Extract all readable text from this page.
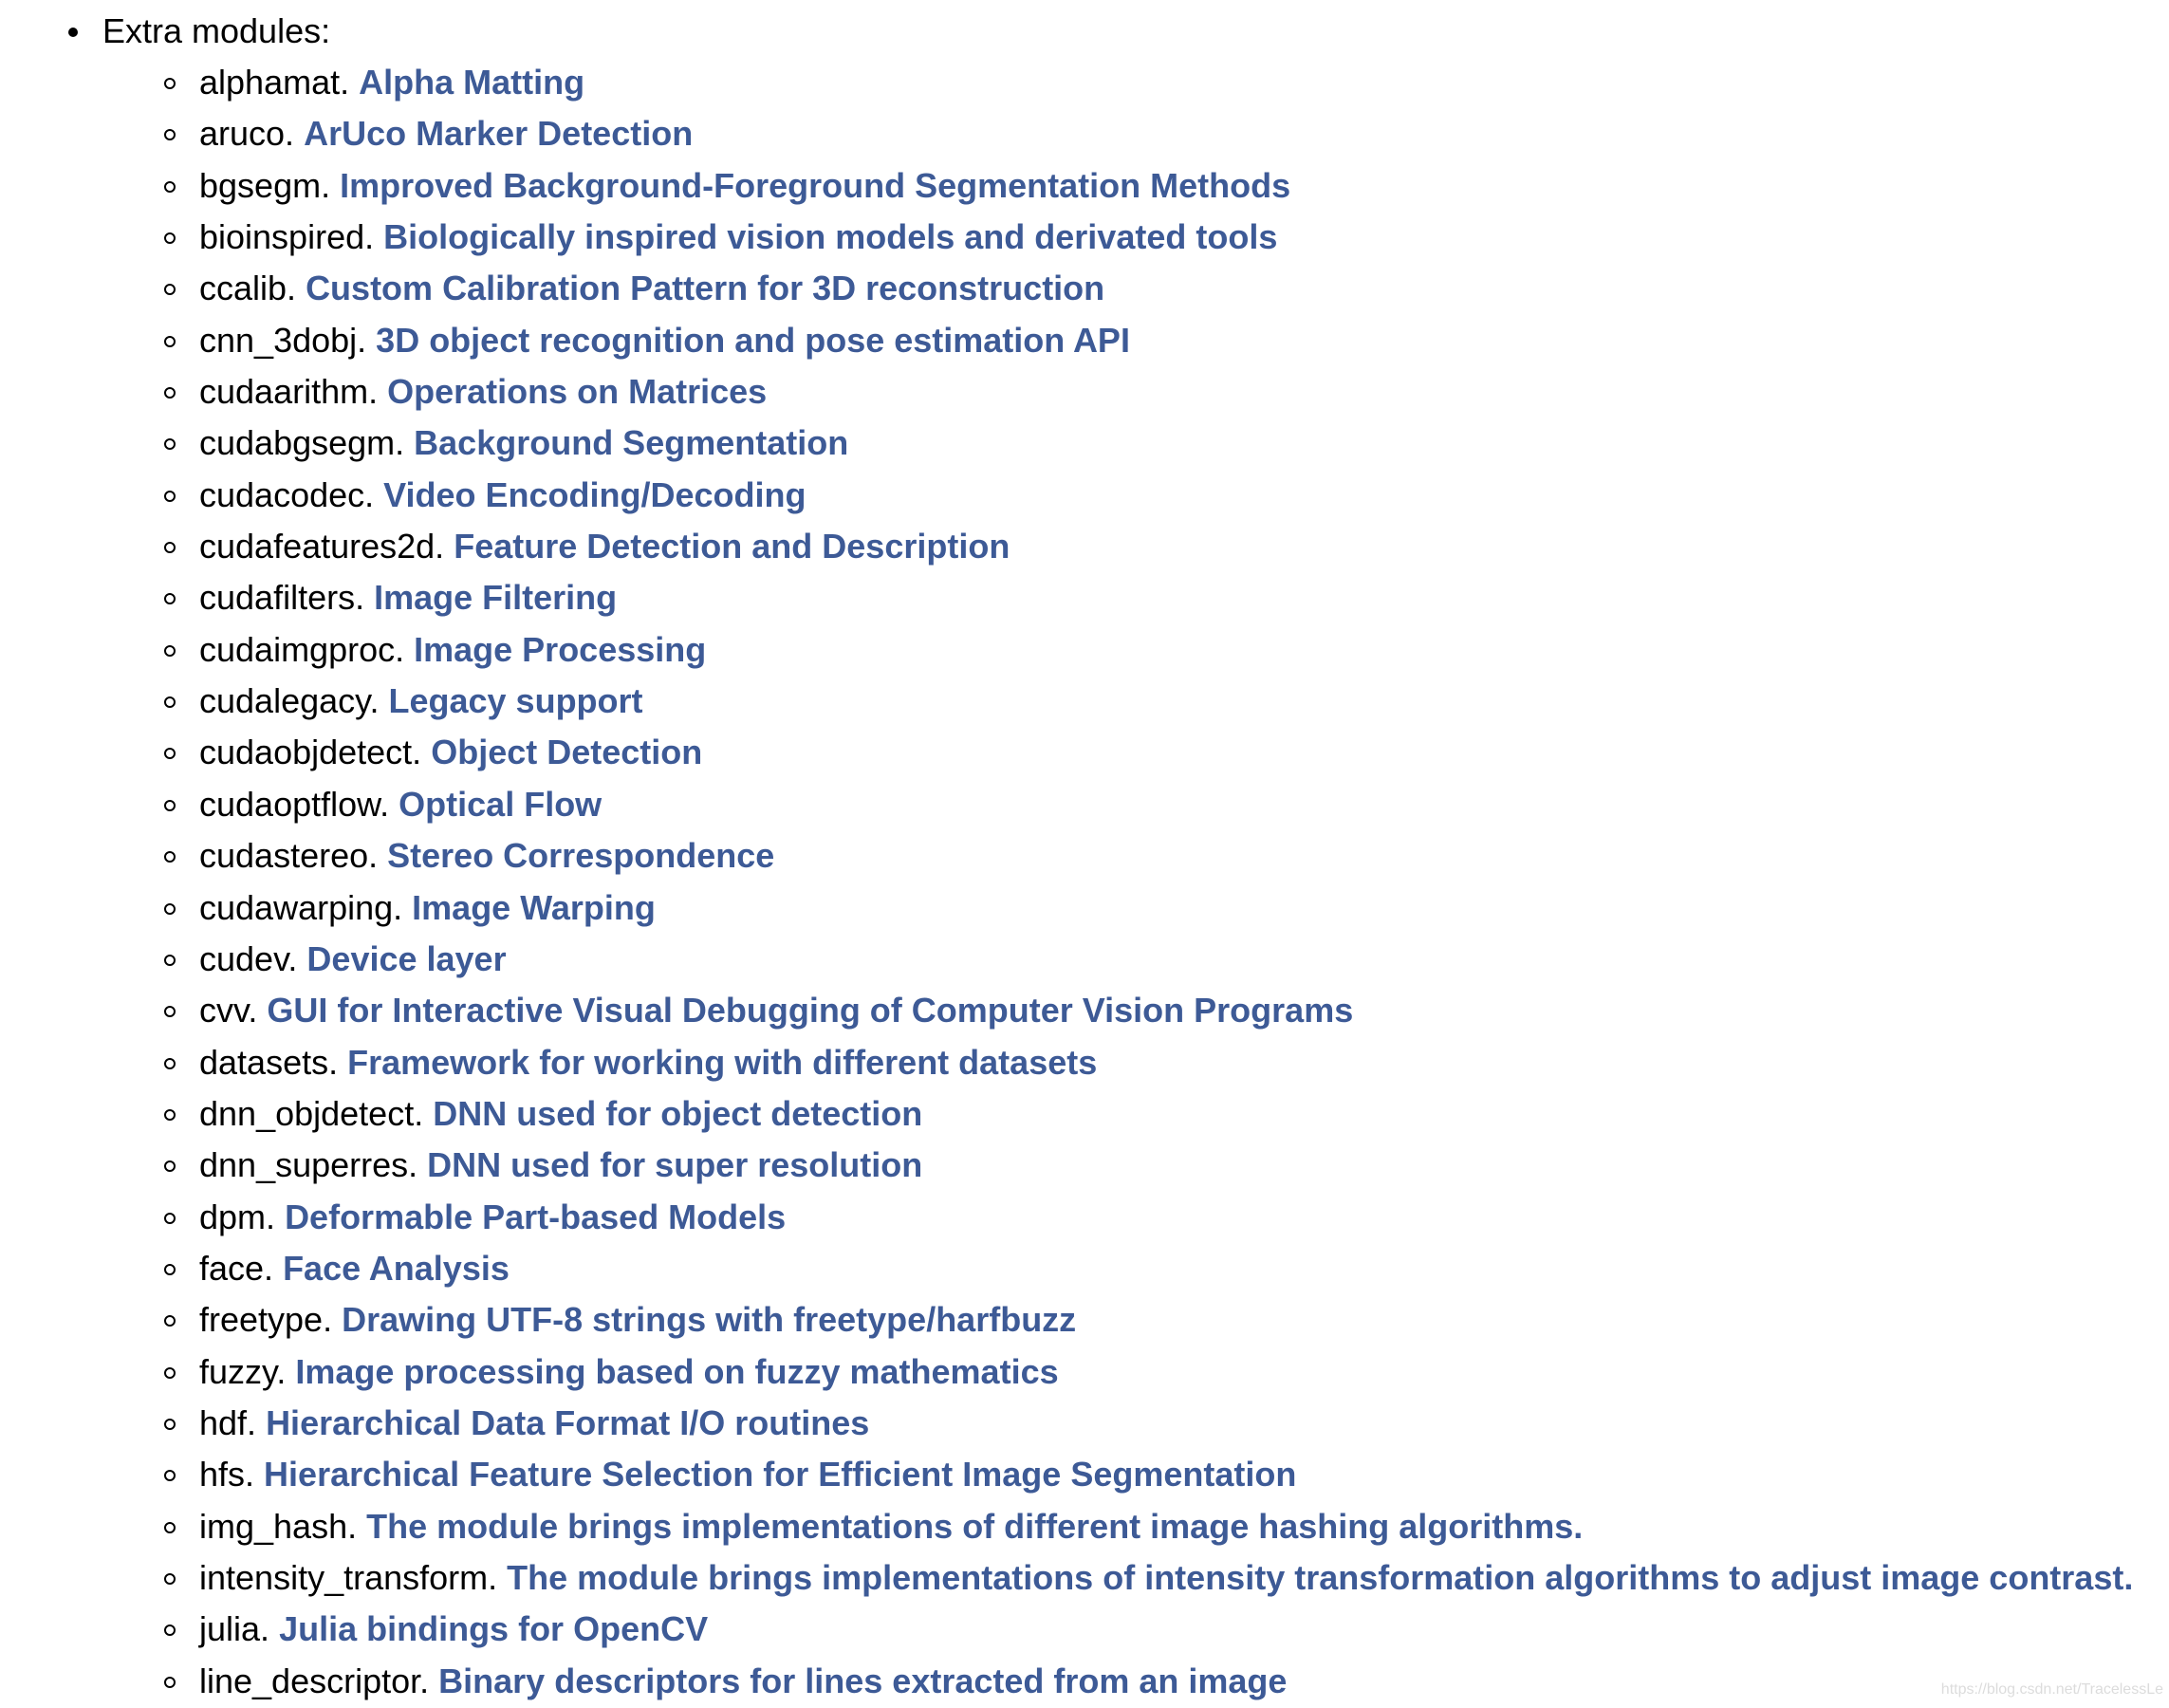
Extra modules:
alphamat. Alpha Matting
aruco. ArUco Marker Detection
bgsegm. Improved Background-Foreground Segmentation Methods
bioinspired. Biologically inspired vision models and derivated tools
ccalib. Custom Calibration Pattern for 3D reconstruction
cnn_3dobj. 3D object recognition and pose estimation API
cudaarithm. Operations on Matrices
cudabgsegm. Background Segmentation
cudacodec. Video Encoding/Decoding
cudafeatures2d. Feature Detection and Description
cudafilters. Image Filtering
cudaimgproc. Image Processing
cudalegacy. Legacy support
cudaobjdetect. Object Detection
cudaoptflow. Optical Flow
cudastereo. Stereo Correspondence
cudawarping. Image Warping
cudev. Device layer
cvv. GUI for Interactive Visual Debugging of Computer Vision Programs
datasets. Framework for working with different datasets
dnn_objdetect. DNN used for object detection
dnn_superres. DNN used for super resolution
dpm. Deformable Part-based Models
face. Face Analysis
freetype. Drawing UTF-8 strings with freetype/harfbuzz
fuzzy. Image processing based on fuzzy mathematics
hdf. Hierarchical Data Format I/O routines
hfs. Hierarchical Feature Selection for Efficient Image Segmentation
img_hash. The module brings implementations of different image hashing algorithms.
intensity_transform. The module brings implementations of intensity transformation algorithms to adjust image contrast.
julia. Julia bindings for OpenCV
line_descriptor. Binary descriptors for lines extracted from an image	https://blog.csdn.net/TracelessLe
